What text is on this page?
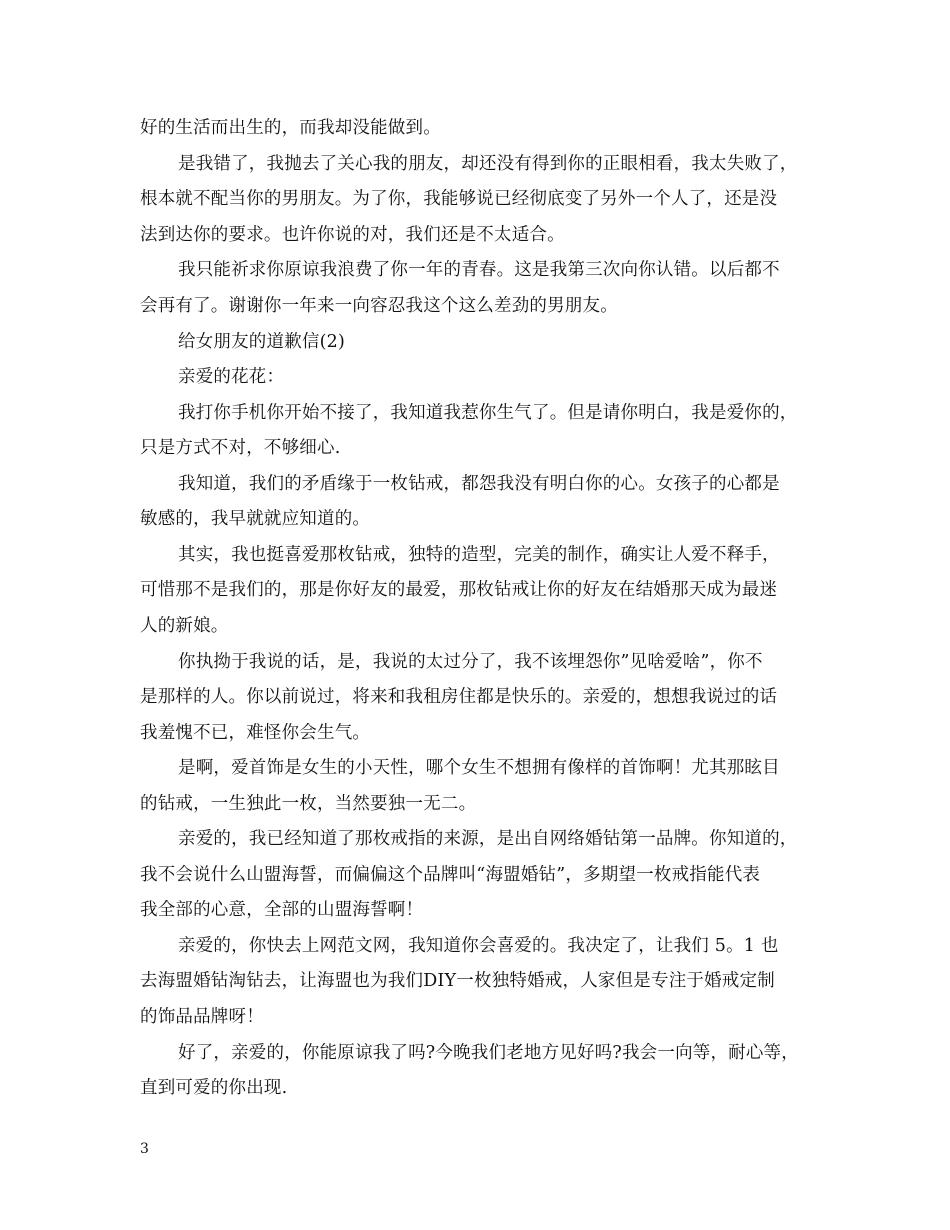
好的生活而出生的，而我却没能做到。
是我错了，我抛去了关心我的朋友，却还没有得到你的正眼相看，我太失败了，
根本就不配当你的男朋友。为了你，我能够说已经彻底变了另外一个人了，还是没
法到达你的要求。也许你说的对，我们还是不太适合。
我只能祈求你原谅我浪费了你一年的青春。这是我第三次向你认错。以后都不
会再有了。谢谢你一年来一向容忍我这个这么差劲的男朋友。
给女朋友的道歉信(2)
亲爱的花花：
我打你手机你开始不接了，我知道我惹你生气了。但是请你明白，我是爱你的，
只是方式不对，不够细心.
我知道，我们的矛盾缘于一枚钻戒，都怨我没有明白你的心。女孩子的心都是
敏感的，我早就就应知道的。
其实，我也挺喜爱那枚钻戒，独特的造型，完美的制作，确实让人爱不释手，
可惜那不是我们的，那是你好友的最爱，那枚钻戒让你的好友在结婚那天成为最迷
人的新娘。
你执拗于我说的话，是，我说的太过分了，我不该埋怨你”见啥爱啥”，你不
是那样的人。你以前说过，将来和我租房住都是快乐的。亲爱的，想想我说过的话
我羞愧不已，难怪你会生气。
是啊，爱首饰是女生的小天性，哪个女生不想拥有像样的首饰啊！尤其那眩目
的钻戒，一生独此一枚，当然要独一无二。
亲爱的，我已经知道了那枚戒指的来源，是出自网络婚钻第一品牌。你知道的，
我不会说什么山盟海誓，而偏偏这个品牌叫“海盟婚钻”，多期望一枚戒指能代表
我全部的心意，全部的山盟海誓啊！
亲爱的，你快去上网范文网，我知道你会喜爱的。我决定了，让我们 5。1 也
去海盟婚钻淘钻去，让海盟也为我们DIY一枚独特婚戒，人家但是专注于婚戒定制
的饰品品牌呀！
好了，亲爱的，你能原谅我了吗?今晚我们老地方见好吗?我会一向等，耐心等，
直到可爱的你出现.
3
